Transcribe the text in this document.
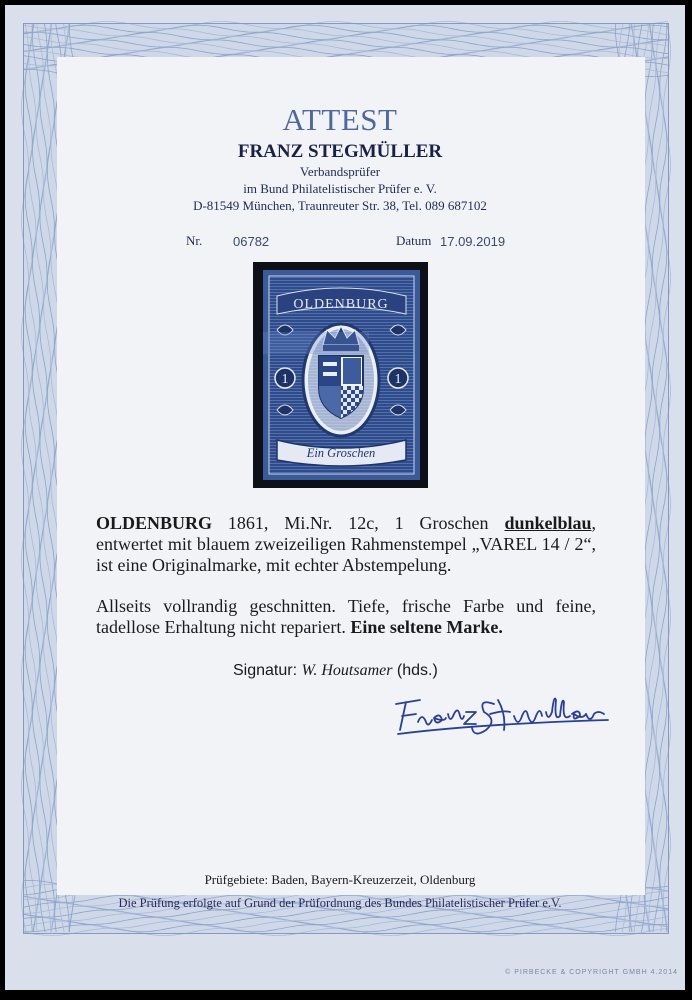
ATTEST
FRANZ STEGMÜLLER
Verbandsprüfer
im Bund Philatelistischer Prüfer e. V.
D-81549 München, Traunreuter Str. 38, Tel. 089 687102
Nr. 06782	Datum 17.09.2019
OLDENBURG
1	1
Ein Groschen
OLDENBURG 1861, Mi.Nr. 12c, 1 Groschen dunkelblau, entwertet mit blauem zweizeiligen Rahmenstempel „VAREL 14 / 2“, ist eine Originalmarke, mit echter Abstempelung.
Allseits vollrandig geschnitten. Tiefe, frische Farbe und feine, tadellose Erhaltung nicht repariert. Eine seltene Marke.
Signatur: W. Houtsamer (hds.)
Prüfgebiete: Baden, Bayern-Kreuzerzeit, Oldenburg
Die Prüfung erfolgte auf Grund der Prüfordnung des Bundes Philatelistischer Prüfer e.V.
© PIRBECKE & COPYRIGHT GMBH 4.2014
